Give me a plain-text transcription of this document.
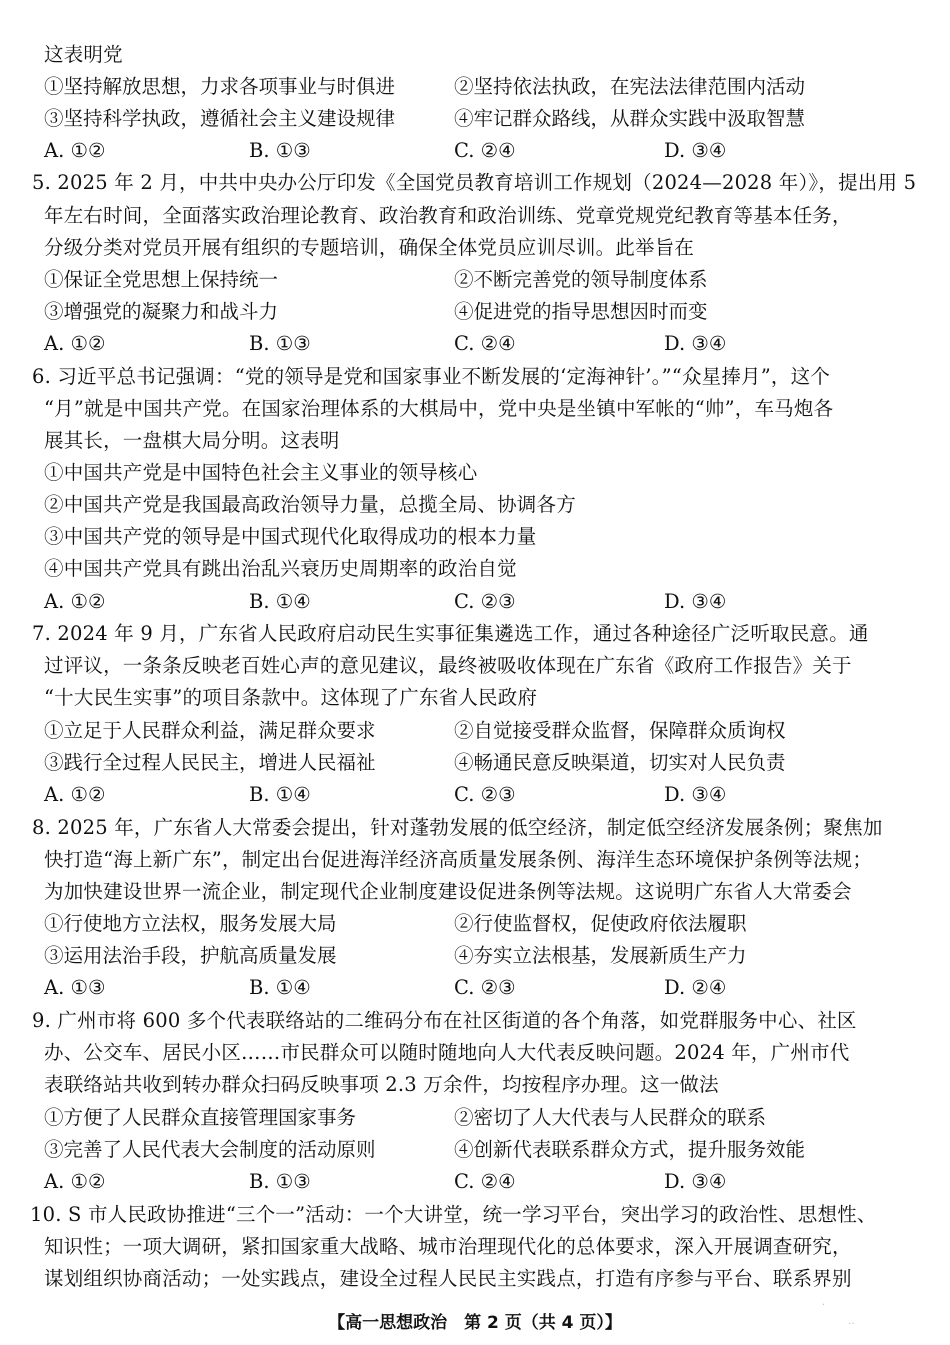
这表明党
①坚持解放思想，力求各项事业与时俱进	②坚持依法执政，在宪法法律范围内活动
③坚持科学执政，遵循社会主义建设规律	④牢记群众路线，从群众实践中汲取智慧
A. ①②	B. ①③	C. ②④	D. ③④
5. 2025 年 2 月，中共中央办公厅印发《全国党员教育培训工作规划（2024—2028 年）》，提出用 5
年左右时间，全面落实政治理论教育、政治教育和政治训练、党章党规党纪教育等基本任务，
分级分类对党员开展有组织的专题培训，确保全体党员应训尽训。此举旨在
①保证全党思想上保持统一	②不断完善党的领导制度体系
③增强党的凝聚力和战斗力	④促进党的指导思想因时而变
A. ①②	B. ①③	C. ②④	D. ③④
6. 习近平总书记强调：“党的领导是党和国家事业不断发展的‘定海神针’。”“众星捧月”，这个
“月”就是中国共产党。在国家治理体系的大棋局中，党中央是坐镇中军帐的“帅”，车马炮各
展其长，一盘棋大局分明。这表明
①中国共产党是中国特色社会主义事业的领导核心
②中国共产党是我国最高政治领导力量，总揽全局、协调各方
③中国共产党的领导是中国式现代化取得成功的根本力量
④中国共产党具有跳出治乱兴衰历史周期率的政治自觉
A. ①②	B. ①④	C. ②③	D. ③④
7. 2024 年 9 月，广东省人民政府启动民生实事征集遴选工作，通过各种途径广泛听取民意。通
过评议，一条条反映老百姓心声的意见建议，最终被吸收体现在广东省《政府工作报告》关于
“十大民生实事”的项目条款中。这体现了广东省人民政府
①立足于人民群众利益，满足群众要求	②自觉接受群众监督，保障群众质询权
③践行全过程人民民主，增进人民福祉	④畅通民意反映渠道，切实对人民负责
A. ①②	B. ①④	C. ②③	D. ③④
8. 2025 年，广东省人大常委会提出，针对蓬勃发展的低空经济，制定低空经济发展条例；聚焦加
快打造“海上新广东”，制定出台促进海洋经济高质量发展条例、海洋生态环境保护条例等法规；
为加快建设世界一流企业，制定现代企业制度建设促进条例等法规。这说明广东省人大常委会
①行使地方立法权，服务发展大局	②行使监督权，促使政府依法履职
③运用法治手段，护航高质量发展	④夯实立法根基，发展新质生产力
A. ①③	B. ①④	C. ②③	D. ②④
9. 广州市将 600 多个代表联络站的二维码分布在社区街道的各个角落，如党群服务中心、社区
办、公交车、居民小区……市民群众可以随时随地向人大代表反映问题。2024 年，广州市代
表联络站共收到转办群众扫码反映事项 2.3 万余件，均按程序办理。这一做法
①方便了人民群众直接管理国家事务	②密切了人大代表与人民群众的联系
③完善了人民代表大会制度的活动原则	④创新代表联系群众方式，提升服务效能
A. ①②	B. ①③	C. ②④	D. ③④
10. S 市人民政协推进“三个一”活动：一个大讲堂，统一学习平台，突出学习的政治性、思想性、
知识性；一项大调研，紧扣国家重大战略、城市治理现代化的总体要求，深入开展调查研究，
谋划组织协商活动；一处实践点，建设全过程人民民主实践点，打造有序参与平台、联系界别
【高一思想政治　第 2 页（共 4 页）】
·
‥
